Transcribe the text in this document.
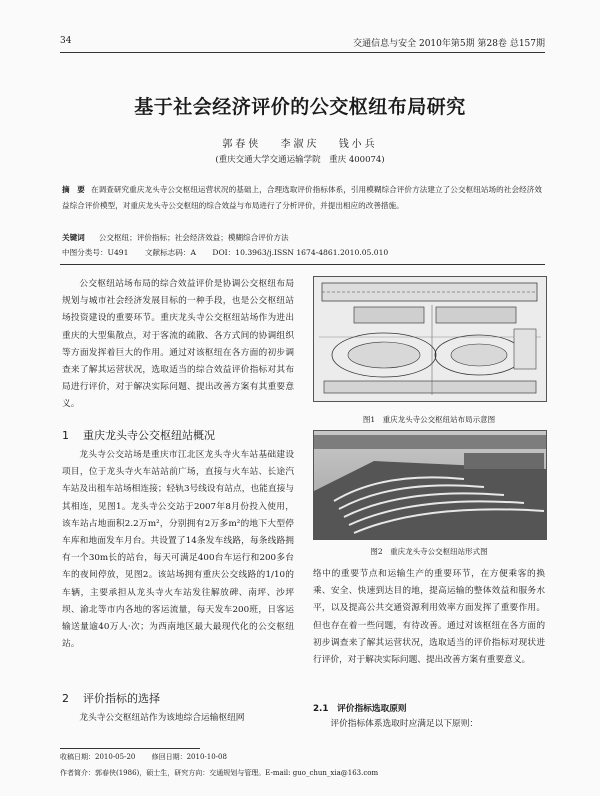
34	交通信息与安全 2010年第5期 第28卷 总157期
基于社会经济评价的公交枢纽布局研究
郭春侠　 李淑庆　 钱小兵
(重庆交通大学交通运输学院　重庆 400074)
摘　要 在调查研究重庆龙头寺公交枢纽运营状况的基础上，合理选取评价指标体系，引用模糊综合评价方法建立了公交枢纽站场的社会经济效益综合评价模型，对重庆龙头寺公交枢纽的综合效益与布局进行了分析评价，并提出相应的改善措施。
关键词 公交枢纽；评价指标；社会经济效益；模糊综合评价方法
中图分类号：U491 文献标志码：A DOI：10.3963/j.ISSN 1674-4861.2010.05.010

公交枢纽站场布局的综合效益评价是协调公交枢纽布局规划与城市社会经济发展目标的一种手段，也是公交枢纽站场投资建设的重要环节。重庆龙头寺公交枢纽站场作为进出重庆的大型集散点，对于客流的疏散、各方式间的协调组织等方面发挥着巨大的作用。通过对该枢纽在各方面的初步调查来了解其运营状况，选取适当的综合效益评价指标对其布局进行评价，对于解决实际问题、提出改善方案有其重要意义。

1 重庆龙头寺公交枢纽站概况

龙头寺公交站场是重庆市江北区龙头寺火车站基础建设项目，位于龙头寺火车站站前广场，直接与火车站、长途汽车站及出租车站场相连接；轻轨3号线设有站点，也能直接与其相连，见图1。龙头寺公交站于2007年8月份投入使用，该车站占地面积2.2万m²，分别拥有2万多m²的地下大型停车库和地面发车月台。共设置了14条发车线路，每条线路拥有一个30m长的站台，每天可满足400台车运行和200多台车的夜间停放，见图2。该站场拥有重庆公交线路的1/10的车辆，主要承担从龙头寺火车站发往解放碑、南坪、沙坪坝、渝北等市内各地的客运流量，每天发车200班，日客运输送量逾40万人·次；为西南地区最大最现代化的公交枢纽站。

2 评价指标的选择

龙头寺公交枢纽站作为该地综合运输枢纽网

图1　重庆龙头寺公交枢纽站布局示意图
图2　重庆龙头寺公交枢纽站形式图

络中的重要节点和运输生产的重要环节，在方便乘客的换乘、安全、快速到达目的地，提高运输的整体效益和服务水平，以及提高公共交通资源利用效率方面发挥了重要作用。但也存在着一些问题，有待改善。通过对该枢纽在各方面的初步调查来了解其运营状况，选取适当的评价指标对现状进行评价，对于解决实际问题、提出改善方案有重要意义。

2.1　 评价指标选取原则

评价指标体系选取时应满足以下原则：

收稿日期：2010-05-20　　 修回日期：2010-10-08
作者简介：郭春侠(1986)，硕士生，研究方向：交通规划与管理。E-mail: guo_chun_xia@163.com
